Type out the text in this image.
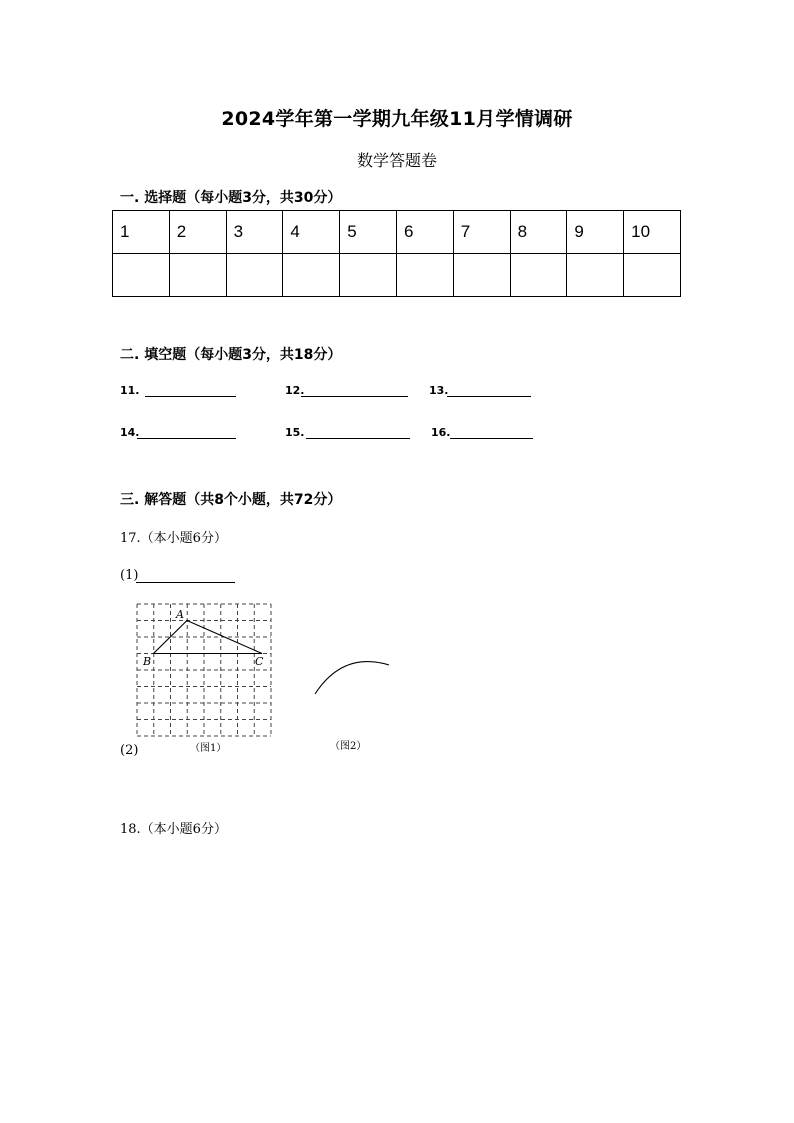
2024学年第一学期九年级11月学情调研
数学答题卷
一. 选择题（每小题3分，共30分）
1	2	3	4	5	6	7	8	9	10

二. 填空题（每小题3分，共18分）
11.	12.	13.
14.	15.	16.
三. 解答题（共8个小题，共72分）
17.（本小题6分）
(1)
A
B	C
（图1）	（图2）
(2)
18.（本小题6分）
